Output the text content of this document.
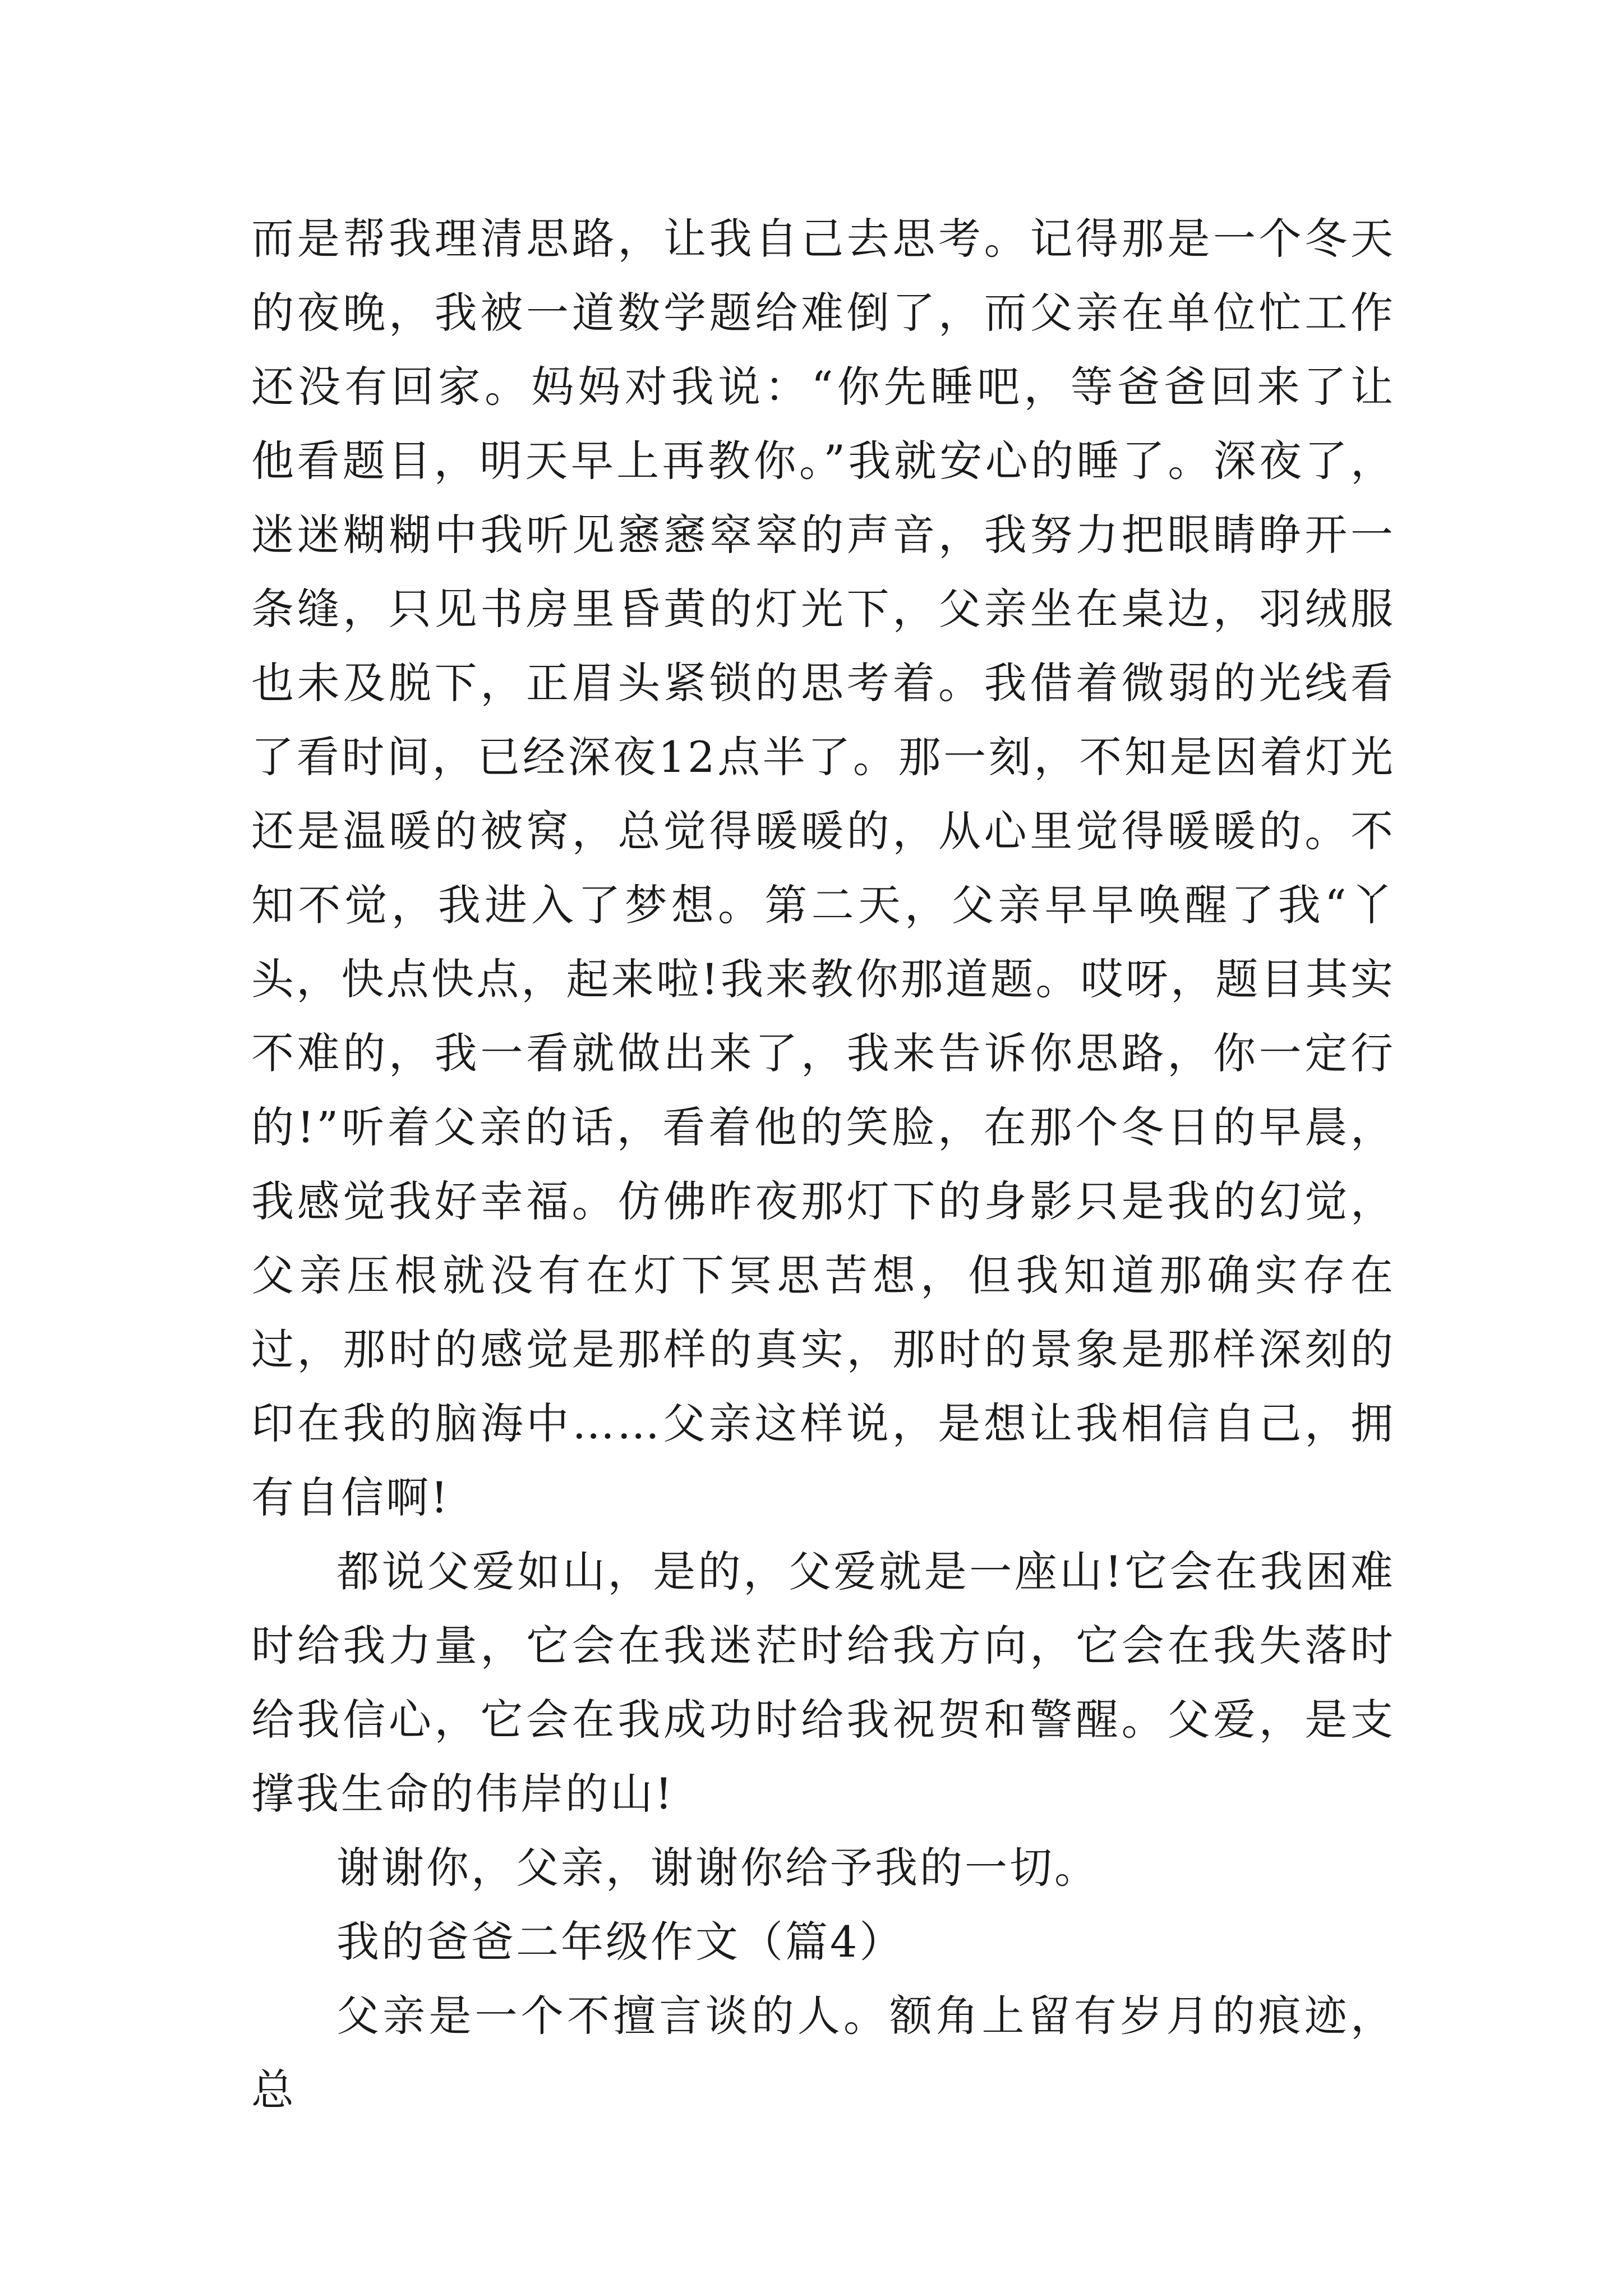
而是帮我理清思路，让我自己去思考。记得那是一个冬天的夜晚，我被一道数学题给难倒了，而父亲在单位忙工作还没有回家。妈妈对我说：“你先睡吧，等爸爸回来了让他看题目，明天早上再教你。”我就安心的睡了。深夜了，迷迷糊糊中我听见窸窸窣窣的声音，我努力把眼睛睁开一条缝，只见书房里昏黄的灯光下，父亲坐在桌边，羽绒服也未及脱下，正眉头紧锁的思考着。我借着微弱的光线看了看时间，已经深夜12点半了。那一刻，不知是因着灯光还是温暖的被窝，总觉得暖暖的，从心里觉得暖暖的。不知不觉，我进入了梦想。第二天，父亲早早唤醒了我“丫头，快点快点，起来啦!我来教你那道题。哎呀，题目其实不难的，我一看就做出来了，我来告诉你思路，你一定行的!”听着父亲的话，看着他的笑脸，在那个冬日的早晨，我感觉我好幸福。仿佛昨夜那灯下的身影只是我的幻觉，父亲压根就没有在灯下冥思苦想，但我知道那确实存在过，那时的感觉是那样的真实，那时的景象是那样深刻的印在我的脑海中……父亲这样说，是想让我相信自己，拥有自信啊!

都说父爱如山，是的，父爱就是一座山!它会在我困难时给我力量，它会在我迷茫时给我方向，它会在我失落时给我信心，它会在我成功时给我祝贺和警醒。父爱，是支撑我生命的伟岸的山!

谢谢你，父亲，谢谢你给予我的一切。

我的爸爸二年级作文（篇4）

父亲是一个不擅言谈的人。额角上留有岁月的痕迹，总
